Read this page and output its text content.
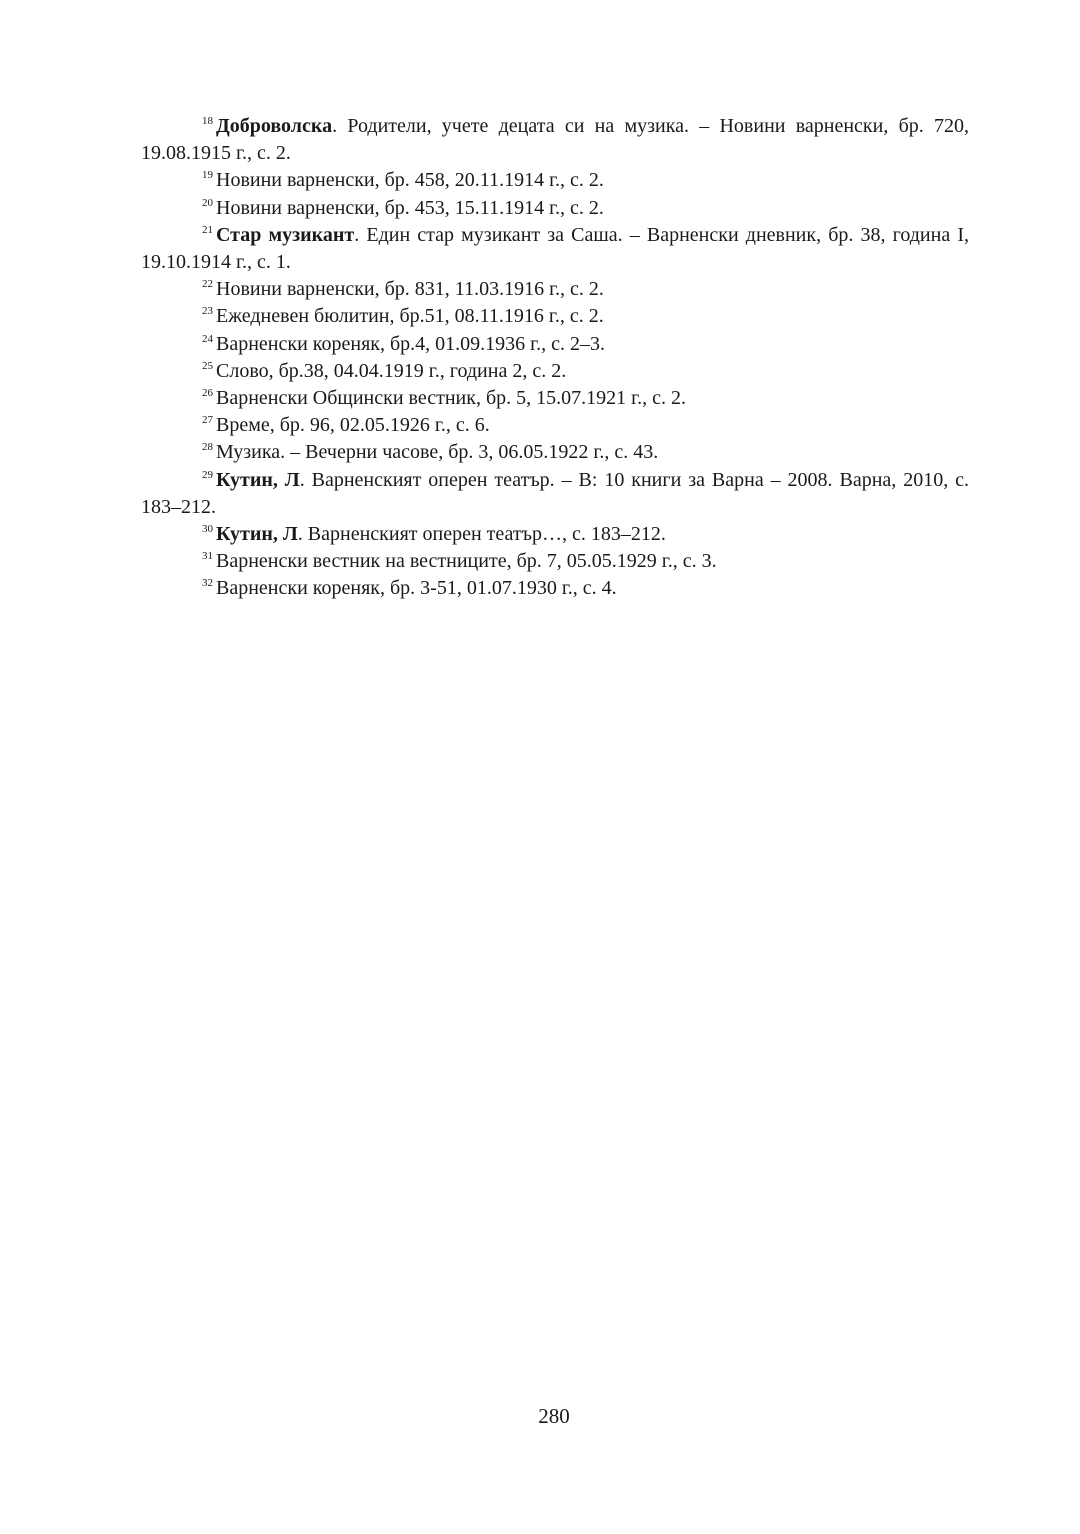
$^{18}$ Доброволска. Родители, учете децата си на музика. – Новини варненски, бр. 720, 19.08.1915 г., с. 2.

$^{19}$ Новини варненски, бр. 458, 20.11.1914 г., с. 2.

$^{20}$ Новини варненски, бр. 453, 15.11.1914 г., с. 2.

$^{21}$ Стар музикант. Един стар музикант за Саша. – Варненски дневник, бр. 38, година I, 19.10.1914 г., с. 1.

$^{22}$ Новини варненски, бр. 831, 11.03.1916 г., с. 2.

$^{23}$ Ежедневен бюлитин, бр.51, 08.11.1916 г., с. 2.

$^{24}$ Варненски кореняк, бр.4, 01.09.1936 г., с. 2–3.

$^{25}$ Слово, бр.38, 04.04.1919 г., година 2, с. 2.

$^{26}$ Варненски Общински вестник, бр. 5, 15.07.1921 г., с. 2.

$^{27}$ Време, бр. 96, 02.05.1926 г., с. 6.

$^{28}$ Музика. – Вечерни часове, бр. 3, 06.05.1922 г., с. 43.

$^{29}$ Кутин, Л. Варненският оперен театър. – В: 10 книги за Варна – 2008. Варна, 2010, с. 183–212.

$^{30}$ Кутин, Л. Варненският оперен театър…, с. 183–212.

$^{31}$ Варненски вестник на вестниците, бр. 7, 05.05.1929 г., с. 3.

$^{32}$ Варненски кореняк, бр. 3-51, 01.07.1930 г., с. 4.

280
